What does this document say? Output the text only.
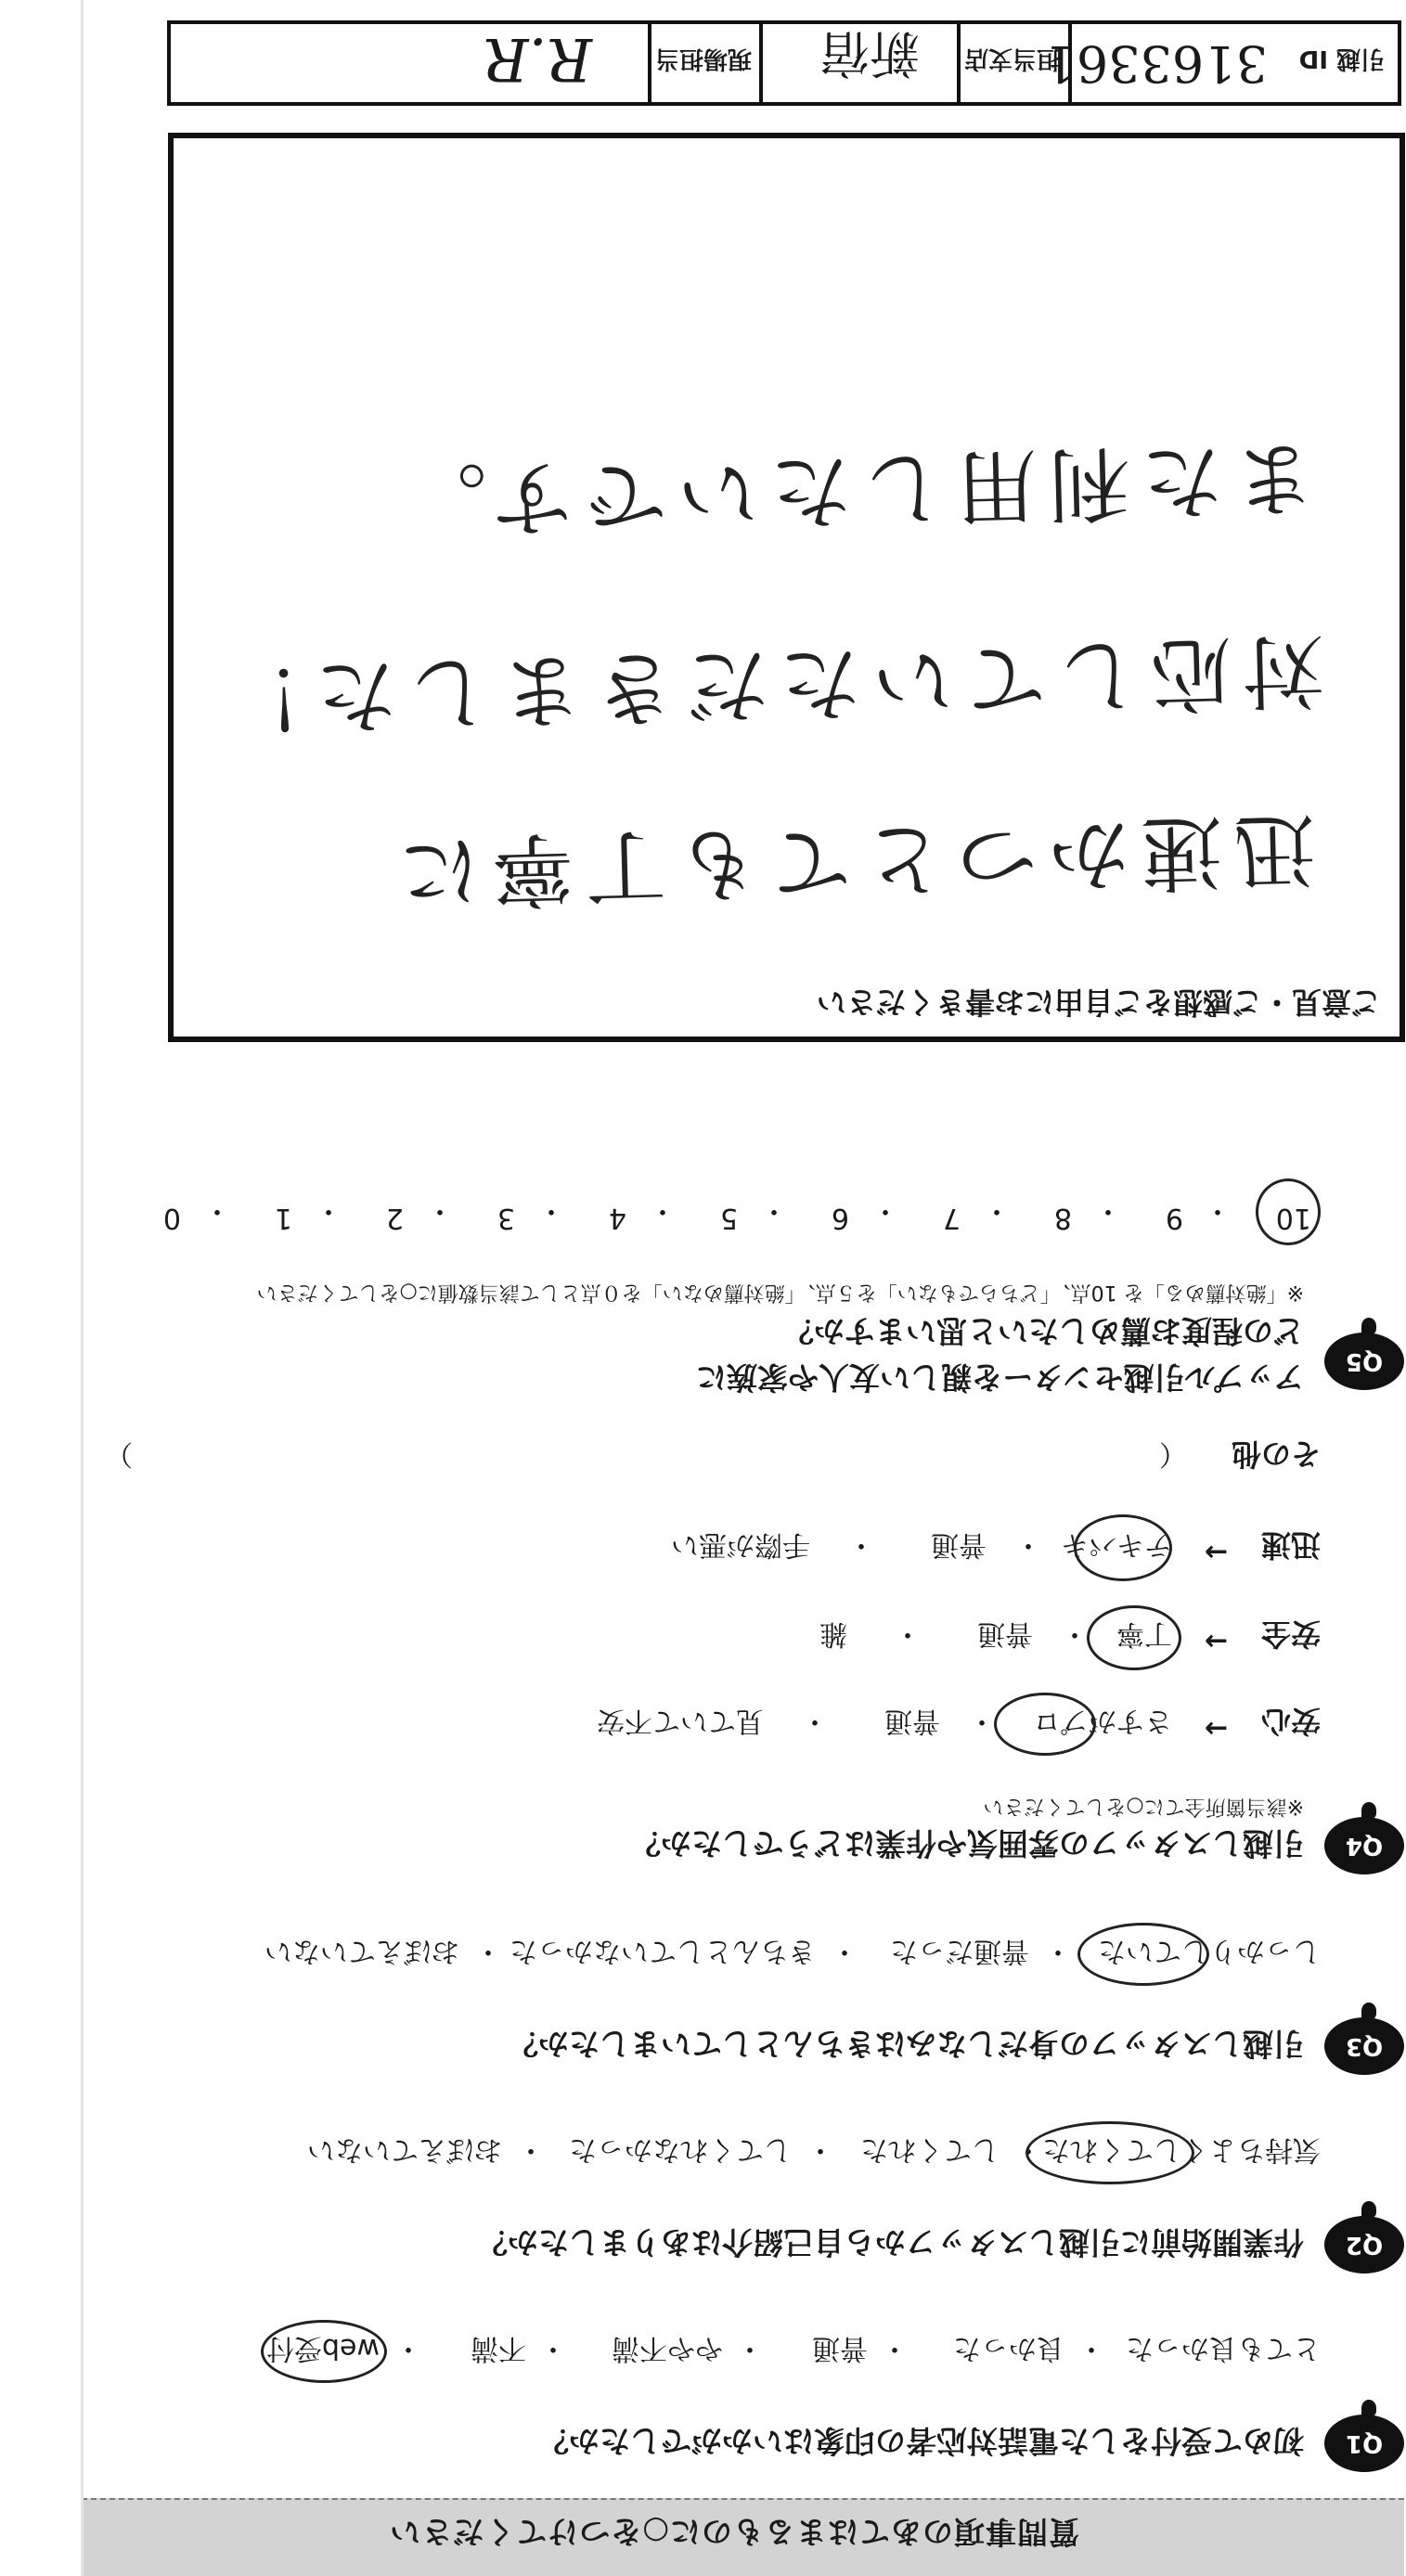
質問事項のあてはまるものに○をつけてください
Q1
初めて受付をした電話対応者の印象はいかがでしたか？
とても良かった
・
良かった
・
普通
・
やや不満
・
不満
・
web受付
Q2
作業開始前に引越しスタッフから自己紹介はありましたか？
気持ちよくしてくれた
・
してくれた
・
してくれなかった
・
おぼえていない
Q3
引越しスタッフの身だしなみはきちんとしていましたか？
しっかりしていた
・
普通だった
・
きちんとしていなかった
・
おぼえていない
Q4
引越しスタッフの雰囲気や作業はどうでしたか？
※該当箇所全てに○をしてください
安心
→
さすがプロ
・
普通
・
見ていて不安
安全
→
丁寧
・
普通
・
雑
迅速
→
テキパキ
・
普通
・
手際が悪い
その他
（
）
Q5
アップル引越センターを親しい友人や家族に
どの程度お薦めしたいと思いますか？
※「絶対薦める」を 10点、「どちらでもない」を５点、「絶対薦めない」を０点として該当数値に○をしてください
10
・
9
・
8
・
7
・
6
・
5
・
4
・
3
・
2
・
1
・
0
ご意見・ご感想をご自由にお書きください
迅速かつとても丁寧に
対応していただきました！
また利用したいです。
引越 ID
3163361
担当支店
新宿
現場担当
R.R
